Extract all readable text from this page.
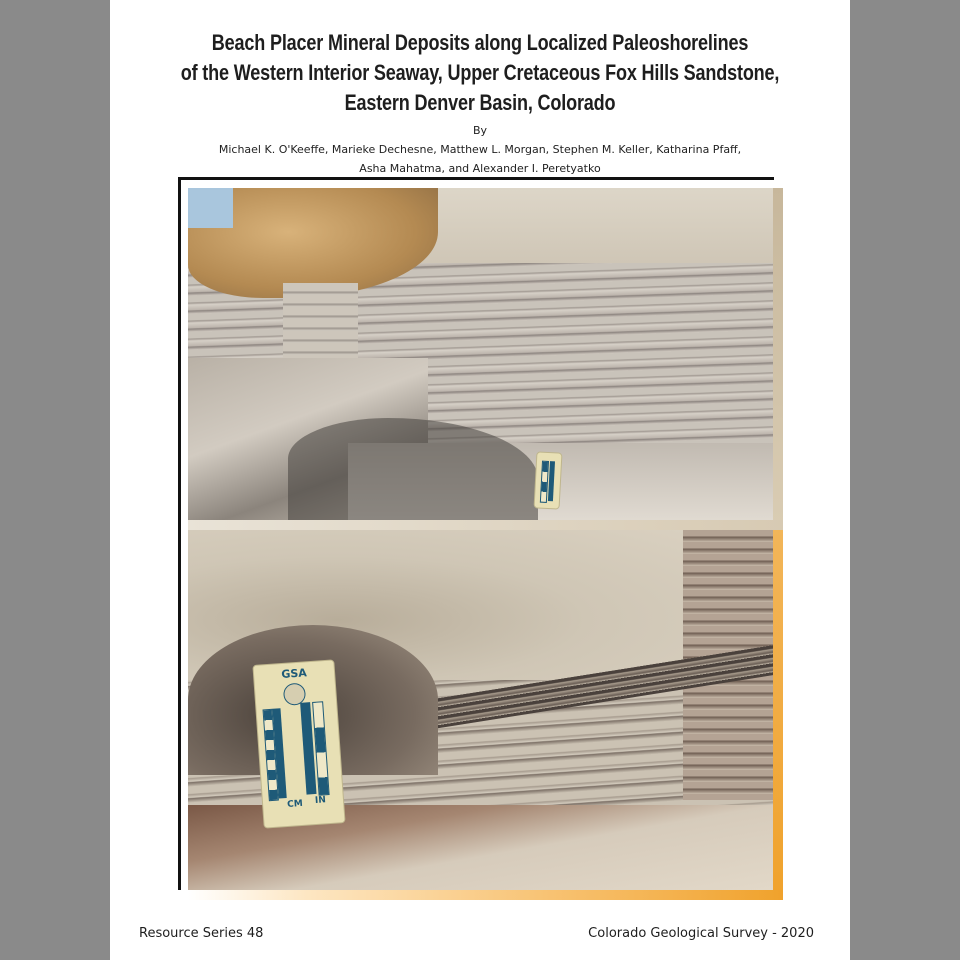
Beach Placer Mineral Deposits along Localized Paleoshorelines
of the Western Interior Seaway, Upper Cretaceous Fox Hills Sandstone,
Eastern Denver Basin, Colorado
By
Michael K. O'Keeffe, Marieke Dechesne, Matthew L. Morgan, Stephen M. Keller, Katharina Pfaff,
Asha Mahatma, and Alexander I. Peretyatko
GSA
CM IN
Resource Series 48	Colorado Geological Survey - 2020
